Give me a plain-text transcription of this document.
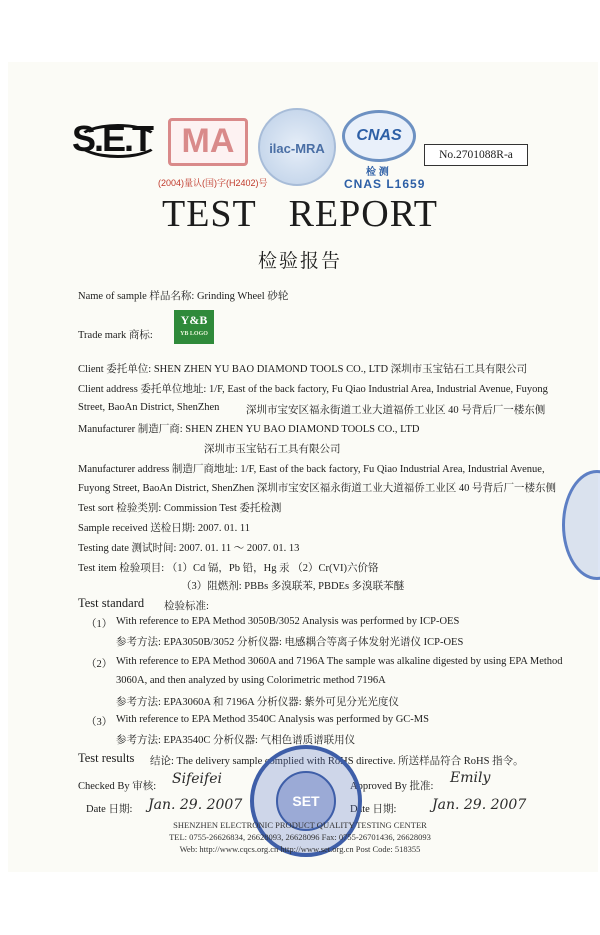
S.E.T MA
(2004)量认(国)字(H2402)号
ilac-MRA
CNAS
检 测
CNAS L1659
No.2701088R-a
TEST REPORT
检验报告
Name of sample 样品名称: Grinding Wheel 砂轮
Trade mark 商标:
Y&B
YB LOGO
Client 委托单位: SHEN ZHEN YU BAO DIAMOND TOOLS CO., LTD 深圳市玉宝钻石工具有限公司
Client address 委托单位地址: 1/F, East of the back factory, Fu Qiao Industrial Area, Industrial Avenue, Fuyong
Street, BaoAn District, ShenZhen	深圳市宝安区福永街道工业大道福侨工业区 40 号背后厂一楼东侧
Manufacturer 制造厂商: SHEN ZHEN YU BAO DIAMOND TOOLS CO., LTD
深圳市玉宝钻石工具有限公司
Manufacturer address 制造厂商地址: 1/F, East of the back factory, Fu Qiao Industrial Area, Industrial Avenue,
Fuyong Street, BaoAn District, ShenZhen 深圳市宝安区福永街道工业大道福侨工业区 40 号背后厂一楼东侧
Test sort 检验类别: Commission Test 委托检测
Sample received 送检日期: 2007. 01. 11
Testing date 测试时间: 2007. 01. 11 ～ 2007. 01. 13
Test item 检验项目: （1）Cd 镉，Pb 铅，Hg 汞 （2）Cr(VI)六价铬
（3）阻燃剂: PBBs 多溴联苯, PBDEs 多溴联苯醚
Test standard 检验标准:
（1） With reference to EPA Method 3050B/3052 Analysis was performed by ICP-OES
参考方法: EPA3050B/3052 分析仪器: 电感耦合等离子体发射光谱仪 ICP-OES
（2） With reference to EPA Method 3060A and 7196A The sample was alkaline digested by using EPA Method
3060A, and then analyzed by using Colorimetric method 7196A
参考方法: EPA3060A 和 7196A 分析仪器: 紫外可见分光光度仪
（3） With reference to EPA Method 3540C Analysis was performed by GC-MS
参考方法: EPA3540C 分析仪器: 气相色谱质谱联用仪
Test results 结论: The delivery sample complied with RoHS directive. 所送样品符合 RoHS 指令。
Checked By 审核: Sifeifei	Approved By 批准:
Emily
Date 日期: Jan. 29. 2007	Date 日期:	Jan. 29. 2007
SET
SHENZHEN ELECTRONIC PRODUCT QUALITY TESTING CENTER
TEL: 0755-26626834, 26628093, 26628096 Fax: 0755-26701436, 26628093
Web: http://www.cqcs.org.cn http://www.set.org.cn Post Code: 518355
